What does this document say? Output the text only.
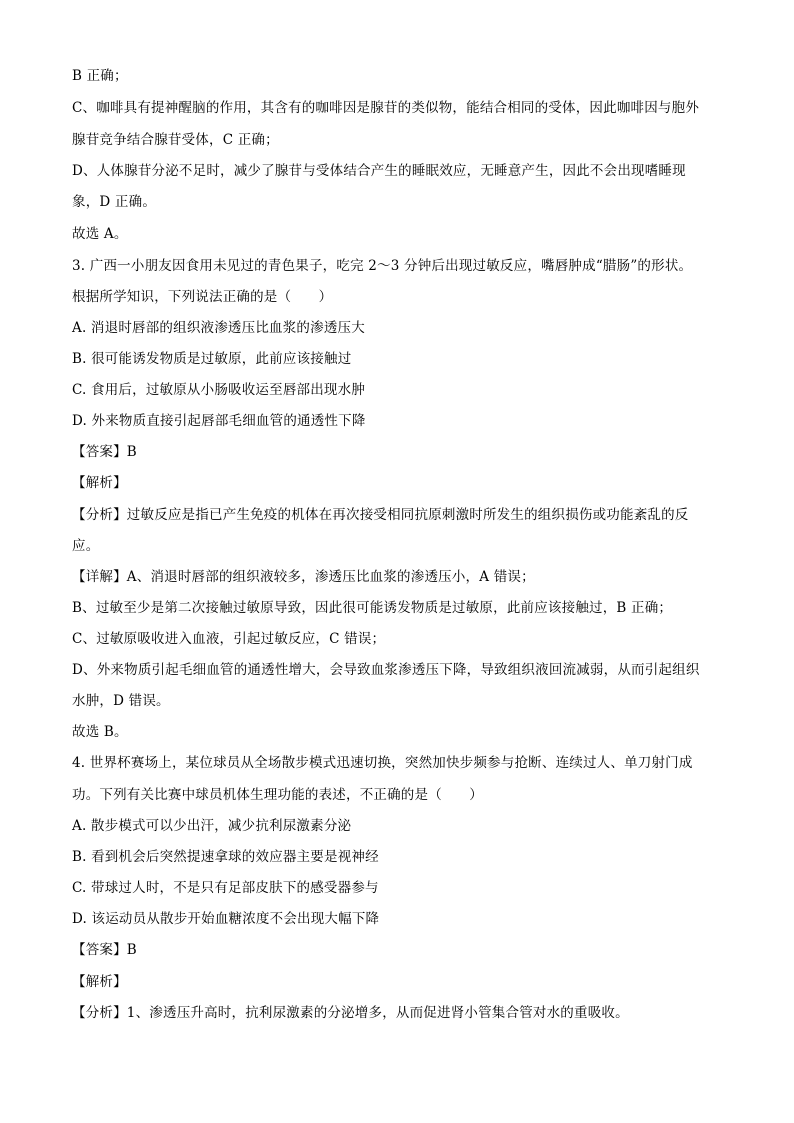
B 正确；
C、咖啡具有提神醒脑的作用，其含有的咖啡因是腺苷的类似物，能结合相同的受体，因此咖啡因与胞外
腺苷竞争结合腺苷受体，C 正确；
D、人体腺苷分泌不足时，减少了腺苷与受体结合产生的睡眠效应，无睡意产生，因此不会出现嗜睡现
象，D 正确。
故选 A。
3. 广西一小朋友因食用未见过的青色果子，吃完 2～3 分钟后出现过敏反应，嘴唇肿成“腊肠”的形状。
根据所学知识，下列说法正确的是（　　）
A. 消退时唇部的组织液渗透压比血浆的渗透压大
B. 很可能诱发物质是过敏原，此前应该接触过
C. 食用后，过敏原从小肠吸收运至唇部出现水肿
D. 外来物质直接引起唇部毛细血管的通透性下降
【答案】B
【解析】
【分析】过敏反应是指已产生免疫的机体在再次接受相同抗原刺激时所发生的组织损伤或功能紊乱的反
应。
【详解】A、消退时唇部的组织液较多，渗透压比血浆的渗透压小，A 错误；
B、过敏至少是第二次接触过敏原导致，因此很可能诱发物质是过敏原，此前应该接触过，B 正确；
C、过敏原吸收进入血液，引起过敏反应，C 错误；
D、外来物质引起毛细血管的通透性增大，会导致血浆渗透压下降，导致组织液回流减弱，从而引起组织
水肿，D 错误。
故选 B。
4. 世界杯赛场上，某位球员从全场散步模式迅速切换，突然加快步频参与抢断、连续过人、单刀射门成
功。下列有关比赛中球员机体生理功能的表述，不正确的是（　　）
A. 散步模式可以少出汗，减少抗利尿激素分泌
B. 看到机会后突然提速拿球的效应器主要是视神经
C. 带球过人时，不是只有足部皮肤下的感受器参与
D. 该运动员从散步开始血糖浓度不会出现大幅下降
【答案】B
【解析】
【分析】1、渗透压升高时，抗利尿激素的分泌增多，从而促进肾小管集合管对水的重吸收。
